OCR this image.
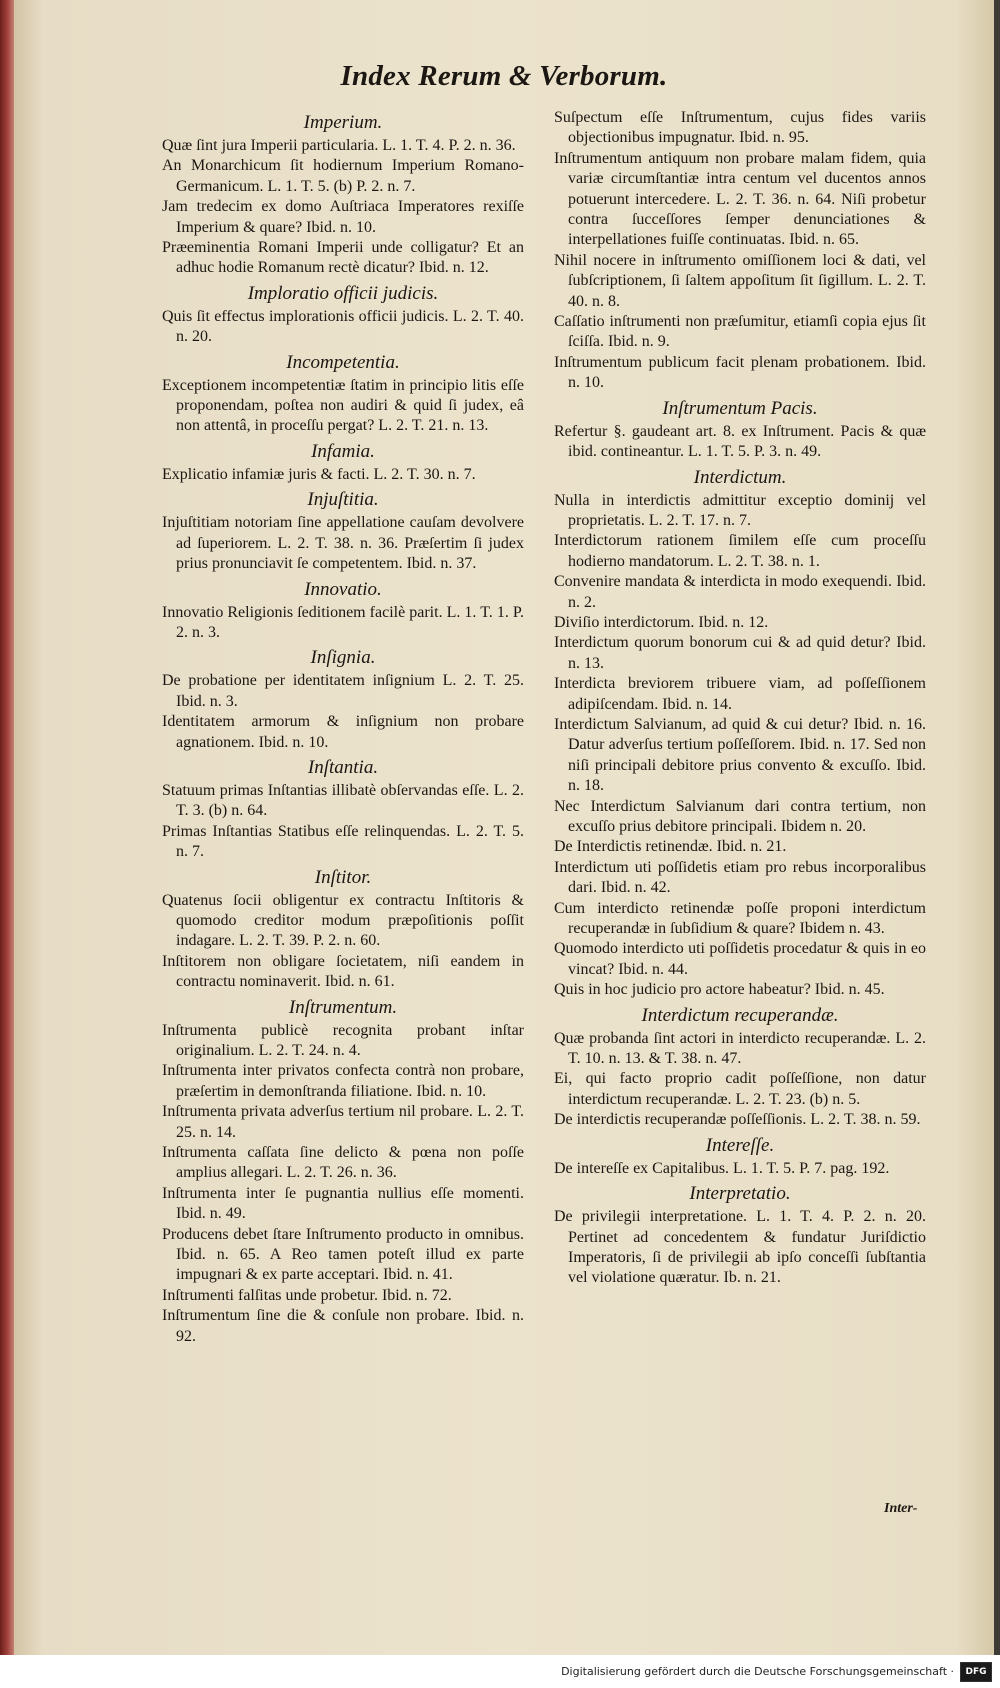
Index Rerum & Verborum.
Imperium.

Quæ ſint jura Imperii particularia. L. 1. T. 4. P. 2. n. 36.

An Monarchicum ſit hodiernum Imperium Romano-Germanicum. L. 1. T. 5. (b) P. 2. n. 7.

Jam tredecim ex domo Auſtriaca Imperatores rexiſſe Imperium & quare? Ibid. n. 10.

Præeminentia Romani Imperii unde colligatur? Et an adhuc hodie Romanum rectè dicatur? Ibid. n. 12.

Imploratio officii judicis.

Quis ſit effectus implorationis officii judicis. L. 2. T. 40. n. 20.

Incompetentia.

Exceptionem incompetentiæ ſtatim in principio litis eſſe proponendam, poſtea non audiri & quid ſi judex, eâ non attentâ, in proceſſu pergat? L. 2. T. 21. n. 13.

Infamia.

Explicatio infamiæ juris & facti. L. 2. T. 30. n. 7.

Injuſtitia.

Injuſtitiam notoriam ſine appellatione cauſam devolvere ad ſuperiorem. L. 2. T. 38. n. 36. Præſertim ſi judex prius pronunciavit ſe competentem. Ibid. n. 37.

Innovatio.

Innovatio Religionis ſeditionem facilè parit. L. 1. T. 1. P. 2. n. 3.

Inſignia.

De probatione per identitatem inſignium L. 2. T. 25. Ibid. n. 3.

Identitatem armorum & inſignium non probare agnationem. Ibid. n. 10.

Inſtantia.

Statuum primas Inſtantias illibatè obſervandas eſſe. L. 2. T. 3. (b) n. 64.

Primas Inſtantias Statibus eſſe relinquendas. L. 2. T. 5. n. 7.

Inſtitor.

Quatenus ſocii obligentur ex contractu Inſtitoris & quomodo creditor modum præpoſitionis poſſit indagare. L. 2. T. 39. P. 2. n. 60.

Inſtitorem non obligare ſocietatem, niſi eandem in contractu nominaverit. Ibid. n. 61.

Inſtrumentum.

Inſtrumenta publicè recognita probant inſtar originalium. L. 2. T. 24. n. 4.

Inſtrumenta inter privatos confecta contrà non probare, præſertim in demonſtranda filiatione. Ibid. n. 10.

Inſtrumenta privata adverſus tertium nil probare. L. 2. T. 25. n. 14.

Inſtrumenta caſſata ſine delicto & pœna non poſſe amplius allegari. L. 2. T. 26. n. 36.

Inſtrumenta inter ſe pugnantia nullius eſſe momenti. Ibid. n. 49.

Producens debet ſtare Inſtrumento producto in omnibus. Ibid. n. 65. A Reo tamen poteſt illud ex parte impugnari & ex parte acceptari. Ibid. n. 41.

Inſtrumenti falſitas unde probetur. Ibid. n. 72.

Inſtrumentum ſine die & conſule non probare. Ibid. n. 92.

Suſpectum eſſe Inſtrumentum, cujus fides variis objectionibus impugnatur. Ibid. n. 95.

Inſtrumentum antiquum non probare malam fidem, quia variæ circumſtantiæ intra centum vel ducentos annos potuerunt intercedere. L. 2. T. 36. n. 64. Niſi probetur contra ſucceſſores ſemper denunciationes & interpellationes fuiſſe continuatas. Ibid. n. 65.

Nihil nocere in inſtrumento omiſſionem loci & dati, vel ſubſcriptionem, ſi ſaltem appoſitum ſit ſigillum. L. 2. T. 40. n. 8.

Caſſatio inſtrumenti non præſumitur, etiamſi copia ejus ſit ſciſſa. Ibid. n. 9.

Inſtrumentum publicum facit plenam probationem. Ibid. n. 10.

Inſtrumentum Pacis.

Refertur §. gaudeant art. 8. ex Inſtrument. Pacis & quæ ibid. contineantur. L. 1. T. 5. P. 3. n. 49.

Interdictum.

Nulla in interdictis admittitur exceptio dominij vel proprietatis. L. 2. T. 17. n. 7.

Interdictorum rationem ſimilem eſſe cum proceſſu hodierno mandatorum. L. 2. T. 38. n. 1.

Convenire mandata & interdicta in modo exequendi. Ibid. n. 2.

Diviſio interdictorum. Ibid. n. 12.

Interdictum quorum bonorum cui & ad quid detur? Ibid. n. 13.

Interdicta breviorem tribuere viam, ad poſſeſſionem adipiſcendam. Ibid. n. 14.

Interdictum Salvianum, ad quid & cui detur? Ibid. n. 16. Datur adverſus tertium poſſeſſorem. Ibid. n. 17. Sed non niſi principali debitore prius convento & excuſſo. Ibid. n. 18.

Nec Interdictum Salvianum dari contra tertium, non excuſſo prius debitore principali. Ibidem n. 20.

De Interdictis retinendæ. Ibid. n. 21.

Interdictum uti poſſidetis etiam pro rebus incorporalibus dari. Ibid. n. 42.

Cum interdicto retinendæ poſſe proponi interdictum recuperandæ in ſubſidium & quare? Ibidem n. 43.

Quomodo interdicto uti poſſidetis procedatur & quis in eo vincat? Ibid. n. 44.

Quis in hoc judicio pro actore habeatur? Ibid. n. 45.

Interdictum recuperandæ.

Quæ probanda ſint actori in interdicto recuperandæ. L. 2. T. 10. n. 13. & T. 38. n. 47.

Ei, qui facto proprio cadit poſſeſſione, non datur interdictum recuperandæ. L. 2. T. 23. (b) n. 5.

De interdictis recuperandæ poſſeſſionis. L. 2. T. 38. n. 59.

Intereſſe.

De intereſſe ex Capitalibus. L. 1. T. 5. P. 7. pag. 192.

Interpretatio.

De privilegii interpretatione. L. 1. T. 4. P. 2. n. 20. Pertinet ad concedentem & fundatur Juriſdictio Imperatoris, ſi de privilegii ab ipſo conceſſi ſubſtantia vel violatione quæratur. Ib. n. 21.

Inter-
Digitalisierung gefördert durch die Deutsche Forschungsgemeinschaft ·	DFG
